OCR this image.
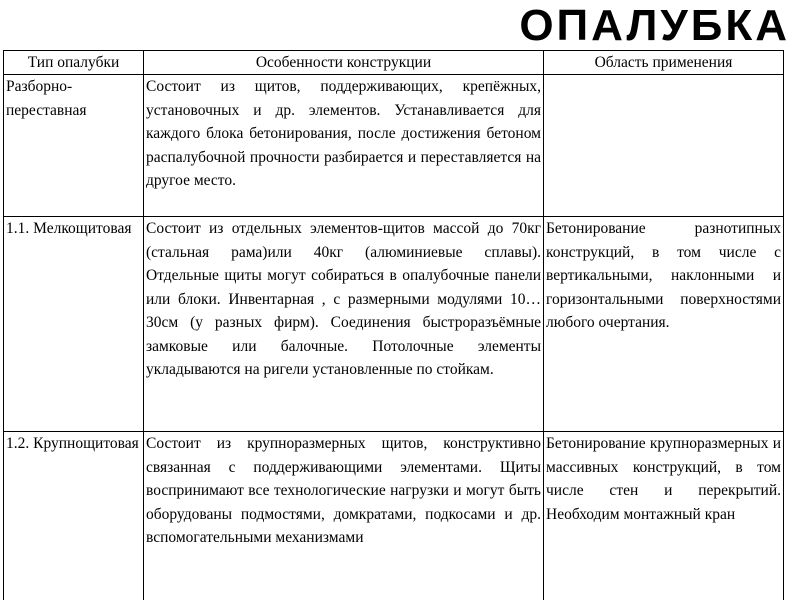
ОПАЛУБКА
Тип опалубки	Особенности конструкции	Область применения
Разборно-переставная	Состоит из щитов, поддерживающих, крепёжных, установочных и др. элементов. Устанавливается для каждого блока бетонирования, после достижения бетоном распалубочной прочности разбирается и переставляется на другое место.	
1.1. Мелкощитовая	Состоит из отдельных элементов-щитов массой до 70кг (стальная рама)или 40кг (алюминиевые сплавы). Отдельные щиты могут собираться в опалубочные панели или блоки. Инвентарная , с размерными модулями 10…30см (у разных фирм). Соединения быстроразъёмные замковые или балочные. Потолочные элементы укладываются на ригели установленные по стойкам.	Бетонирование разнотипных конструкций, в том числе с вертикальными, наклонными и горизонтальными поверхностями любого очертания.
1.2. Крупнощитовая	Состоит из крупноразмерных щитов, конструктивно связанная с поддерживающими элементами. Щиты воспринимают все технологические нагрузки и могут быть оборудованы подмостями, домкратами, подкосами и др. вспомогательными механизмами	Бетонирование крупноразмерных и массивных конструкций, в том числе стен и перекрытий. Необходим монтажный кран
